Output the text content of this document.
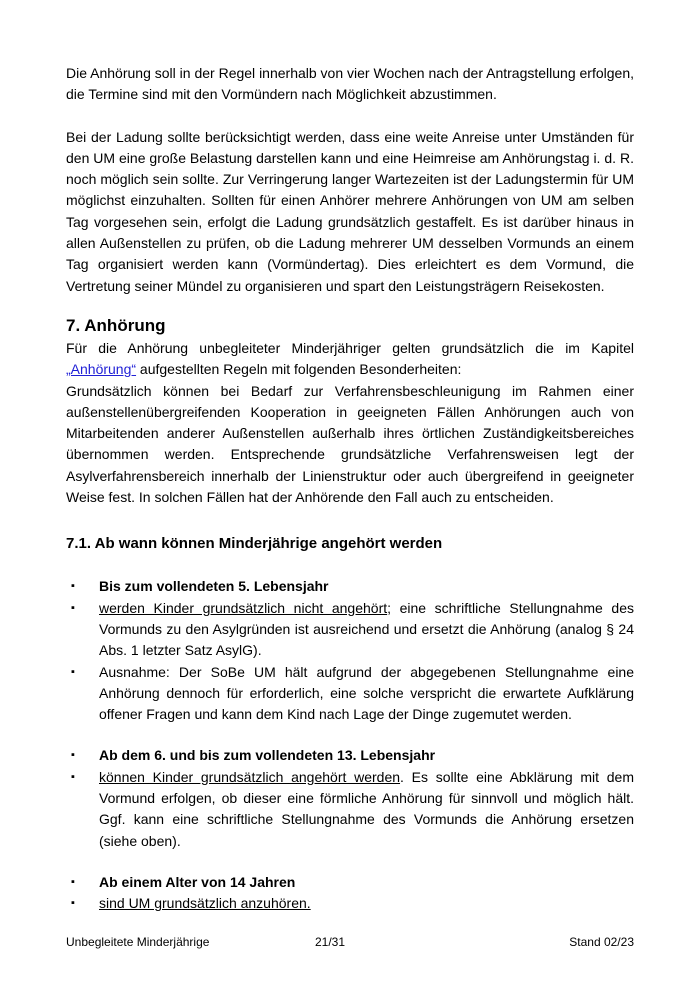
Die Anhörung soll in der Regel innerhalb von vier Wochen nach der Antragstellung erfolgen, die Termine sind mit den Vormündern nach Möglichkeit abzustimmen.

Bei der Ladung sollte berücksichtigt werden, dass eine weite Anreise unter Umständen für den UM eine große Belastung darstellen kann und eine Heimreise am Anhörungstag i. d. R. noch möglich sein sollte. Zur Verringerung langer Wartezeiten ist der Ladungstermin für UM möglichst einzuhalten. Sollten für einen Anhörer mehrere Anhörungen von UM am selben Tag vorgesehen sein, erfolgt die Ladung grundsätzlich gestaffelt. Es ist darüber hinaus in allen Außenstellen zu prüfen, ob die Ladung mehrerer UM desselben Vormunds an einem Tag organisiert werden kann (Vormündertag). Dies erleichtert es dem Vormund, die Vertretung seiner Mündel zu organisieren und spart den Leistungsträgern Reisekosten.

7. Anhörung

Für die Anhörung unbegleiteter Minderjähriger gelten grundsätzlich die im Kapitel „Anhörung“ aufgestellten Regeln mit folgenden Besonderheiten:

Grundsätzlich können bei Bedarf zur Verfahrensbeschleunigung im Rahmen einer außenstellenübergreifenden Kooperation in geeigneten Fällen Anhörungen auch von Mitarbeitenden anderer Außenstellen außerhalb ihres örtlichen Zuständigkeitsbereiches übernommen werden. Entsprechende grundsätzliche Verfahrensweisen legt der Asylverfahrensbereich innerhalb der Linienstruktur oder auch übergreifend in geeigneter Weise fest. In solchen Fällen hat der Anhörende den Fall auch zu entscheiden.

7.1. Ab wann können Minderjährige angehört werden
▪ Bis zum vollendeten 5. Lebensjahr
▪ werden Kinder grundsätzlich nicht angehört; eine schriftliche Stellungnahme des Vormunds zu den Asylgründen ist ausreichend und ersetzt die Anhörung (analog § 24 Abs. 1 letzter Satz AsylG).
▪ Ausnahme: Der SoBe UM hält aufgrund der abgegebenen Stellungnahme eine Anhörung dennoch für erforderlich, eine solche verspricht die erwartete Aufklärung offener Fragen und kann dem Kind nach Lage der Dinge zugemutet werden.
▪ Ab dem 6. und bis zum vollendeten 13. Lebensjahr
▪ können Kinder grundsätzlich angehört werden. Es sollte eine Abklärung mit dem Vormund erfolgen, ob dieser eine förmliche Anhörung für sinnvoll und möglich hält. Ggf. kann eine schriftliche Stellungnahme des Vormunds die Anhörung ersetzen (siehe oben).
▪ Ab einem Alter von 14 Jahren
▪ sind UM grundsätzlich anzuhören.
Unbegleitete Minderjährige	21/31	Stand 02/23
